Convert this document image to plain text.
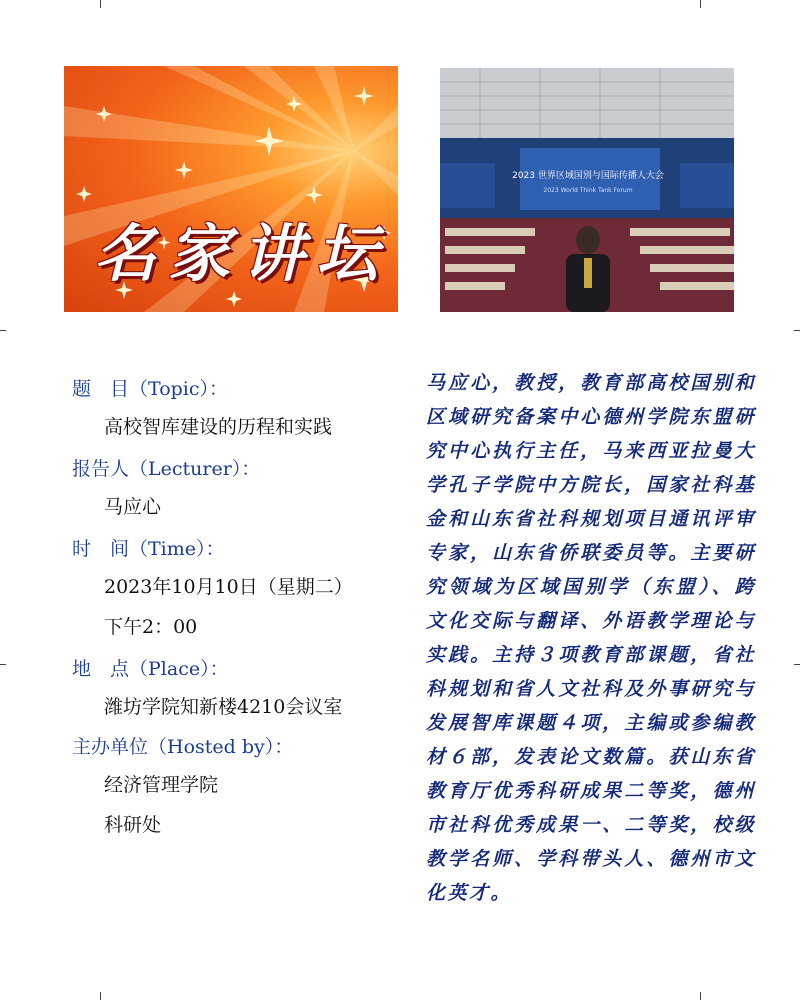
名家讲坛
2023 世界区域国别与国际传播人大会
2023 World Think Tank Forum
题　目（Topic）：
高校智库建设的历程和实践
报告人（Lecturer）：
马应心
时　间（Time）：
2023年10月10日（星期二）
下午2：00
地　点（Place）：
潍坊学院知新楼4210会议室
主办单位（Hosted by）：
经济管理学院
科研处
马应心，教授，教育部高校国别和区域研究备案中心德州学院东盟研究中心执行主任，马来西亚拉曼大学孔子学院中方院长，国家社科基金和山东省社科规划项目通讯评审专家，山东省侨联委员等。主要研究领域为区域国别学（东盟）、跨文化交际与翻译、外语教学理论与实践。主持３项教育部课题，省社科规划和省人文社科及外事研究与发展智库课题４项，主编或参编教材６部，发表论文数篇。获山东省教育厅优秀科研成果二等奖，德州市社科优秀成果一、二等奖，校级教学名师、学科带头人、德州市文化英才。
